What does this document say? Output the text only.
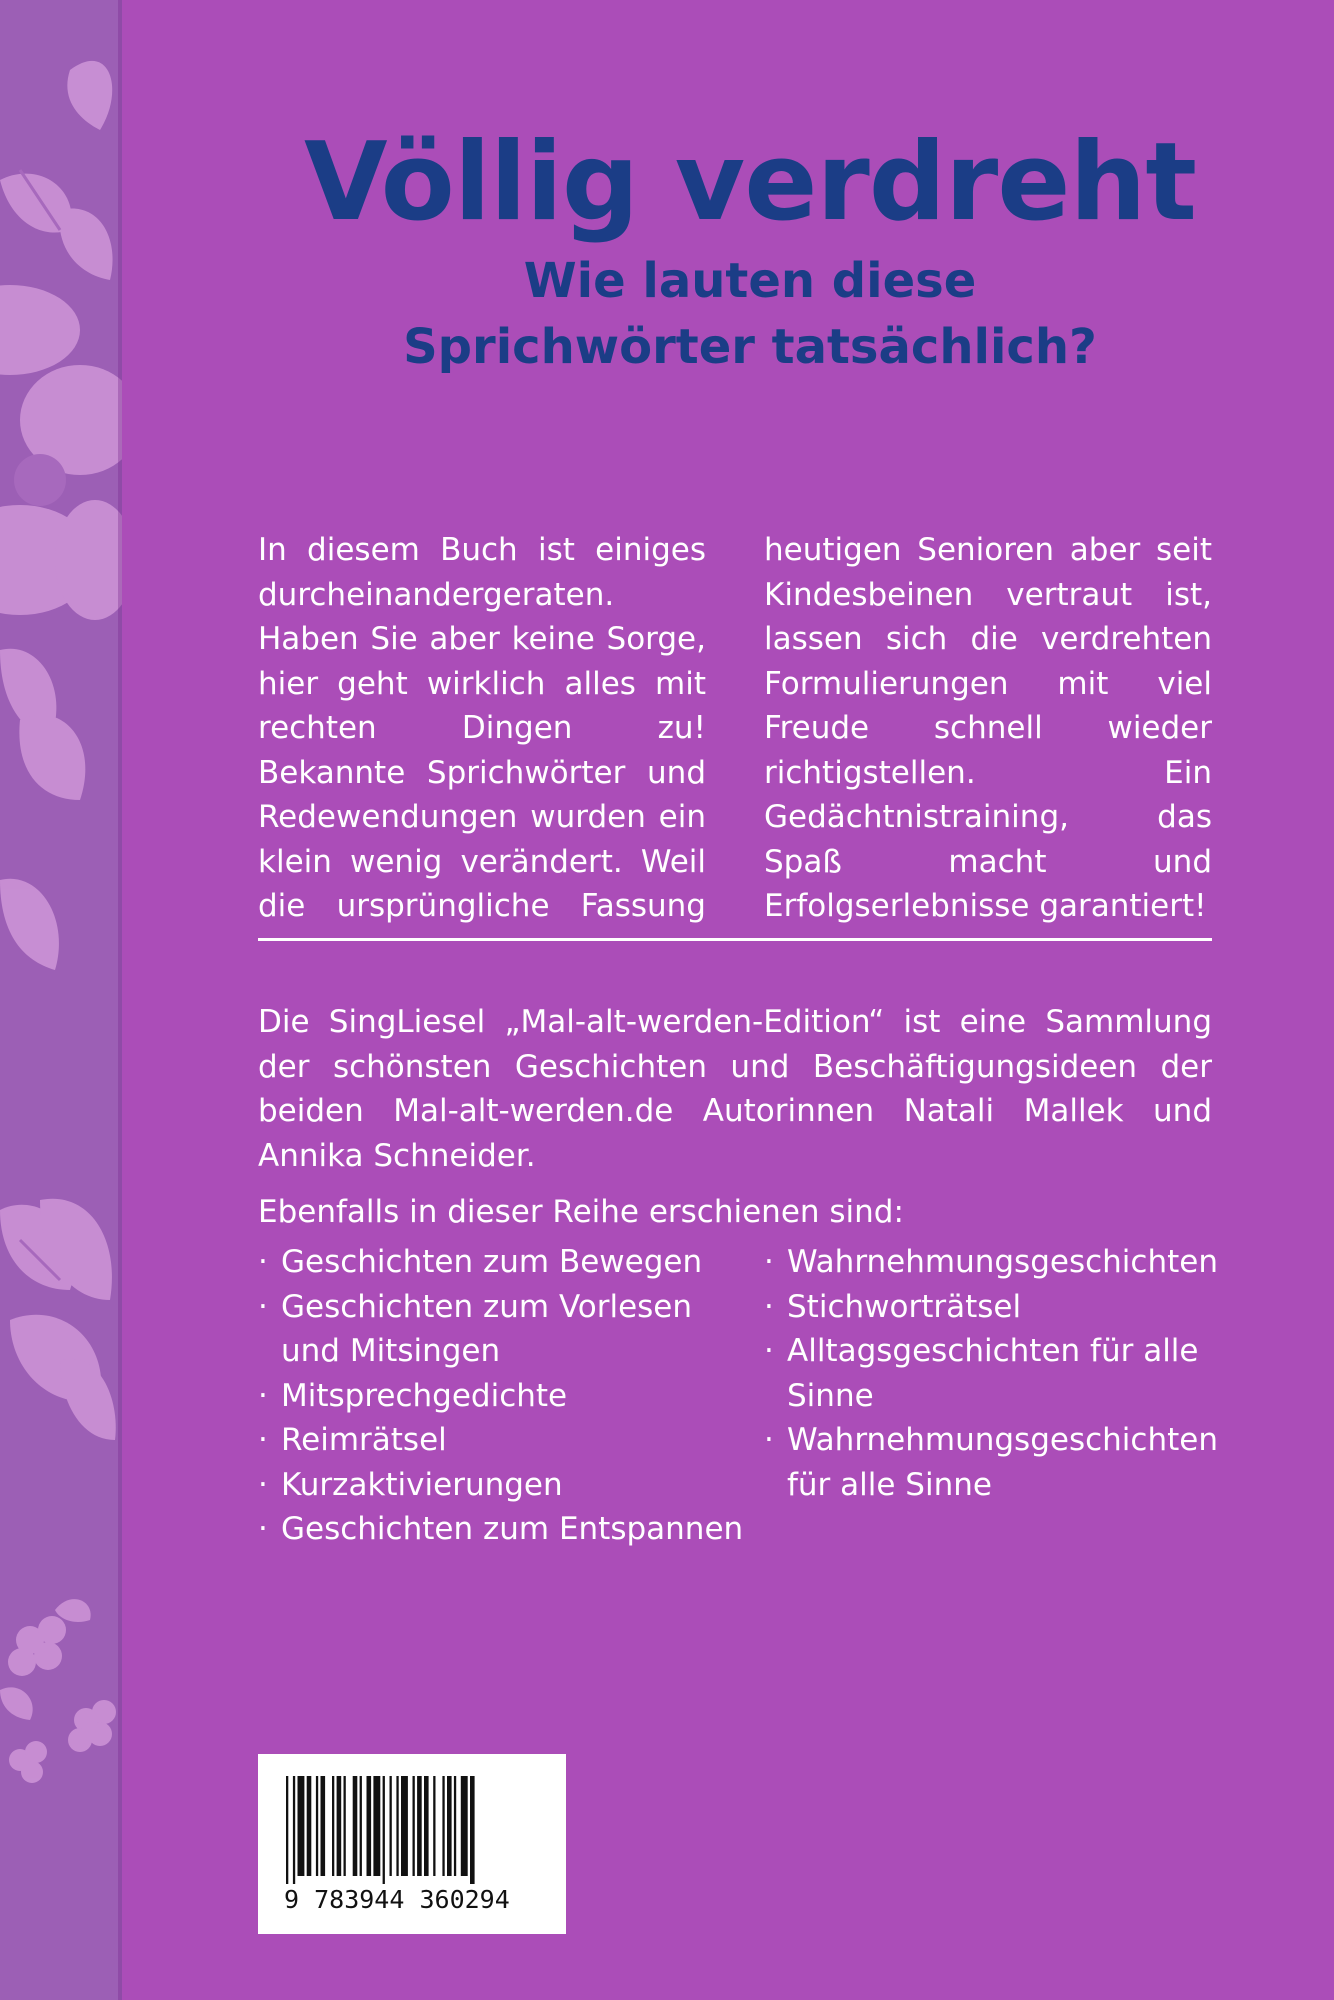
Völlig verdreht
Wie lauten diese
Sprichwörter tatsächlich?

In diesem Buch ist einiges durcheinandergeraten. Haben Sie aber keine Sorge, hier geht wirklich alles mit rechten Dingen zu! Bekannte Sprichwörter und Redewendungen wurden ein klein wenig verändert. Weil die ursprüngliche Fassung heutigen Senioren aber seit Kindesbeinen vertraut ist, lassen sich die verdrehten Formulierungen mit viel Freude schnell wieder richtigstellen. Ein Gedächtnistraining, das Spaß macht und Erfolgserlebnisse garantiert!

Die SingLiesel „Mal-alt-werden-Edition“ ist eine Sammlung der schönsten Geschichten und Beschäftigungsideen der beiden Mal-alt-werden.de Autorinnen Natali Mallek und Annika Schneider.

Ebenfalls in dieser Reihe erschienen sind:

· Geschichten zum Bewegen
· Geschichten zum Vorlesen und Mitsingen
· Mitsprechgedichte
· Reimrätsel
· Kurzaktivierungen
· Geschichten zum Entspannen
· Wahrnehmungsgeschichten
· Stichworträtsel
· Alltagsgeschichten für alle Sinne
· Wahrnehmungsgeschichten für alle Sinne
9 783944 360294
